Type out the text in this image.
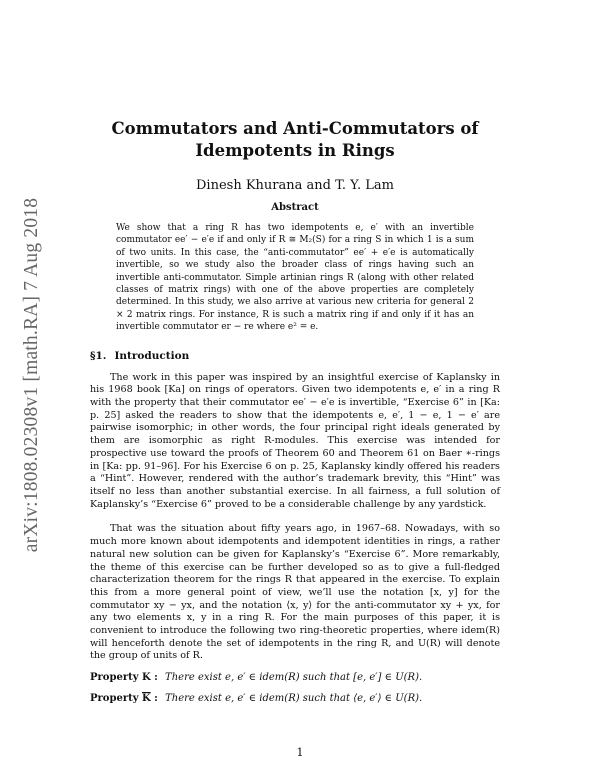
arXiv:1808.02308v1 [math.RA] 7 Aug 2018
Commutators and Anti-Commutators of
Idempotents in Rings
Dinesh Khurana and T. Y. Lam
Abstract
We show that a ring R has two idempotents e, e′ with an invertible commutator ee′ − e′e if and only if R ≅ M₂(S) for a ring S in which 1 is a sum of two units. In this case, the “anti-commutator” ee′ + e′e is automatically invertible, so we study also the broader class of rings having such an invertible anti-commutator. Simple artinian rings R (along with other related classes of matrix rings) with one of the above properties are completely determined. In this study, we also arrive at various new criteria for general 2 × 2 matrix rings. For instance, R is such a matrix ring if and only if it has an invertible commutator er − re where e² = e.
§1. Introduction

The work in this paper was inspired by an insightful exercise of Kaplansky in his 1968 book [Ka] on rings of operators. Given two idempotents e, e′ in a ring R with the property that their commutator ee′ − e′e is invertible, “Exercise 6” in [Ka: p. 25] asked the readers to show that the idempotents e, e′, 1 − e, 1 − e′ are pairwise isomorphic; in other words, the four principal right ideals generated by them are isomorphic as right R-modules. This exercise was intended for prospective use toward the proofs of Theorem 60 and Theorem 61 on Baer ∗-rings in [Ka: pp. 91–96]. For his Exercise 6 on p. 25, Kaplansky kindly offered his readers a “Hint”. However, rendered with the author’s trademark brevity, this “Hint” was itself no less than another substantial exercise. In all fairness, a full solution of Kaplansky’s “Exercise 6” proved to be a considerable challenge by any yardstick.

That was the situation about fifty years ago, in 1967–68. Nowadays, with so much more known about idempotents and idempotent identities in rings, a rather natural new solution can be given for Kaplansky’s “Exercise 6”. More remarkably, the theme of this exercise can be further developed so as to give a full-fledged characterization theorem for the rings R that appeared in the exercise. To explain this from a more general point of view, we’ll use the notation [x, y] for the commutator xy − yx, and the notation ⟨x, y⟩ for the anti-commutator xy + yx, for any two elements x, y in a ring R. For the main purposes of this paper, it is convenient to introduce the following two ring-theoretic properties, where idem(R) will henceforth denote the set of idempotents in the ring R, and U(R) will denote the group of units of R.

Property K : There exist e, e′ ∈ idem(R) such that [e, e′] ∈ U(R).
Property $\overline{K}$ : There exist e, e′ ∈ idem(R) such that ⟨e, e′⟩ ∈ U(R).
1
